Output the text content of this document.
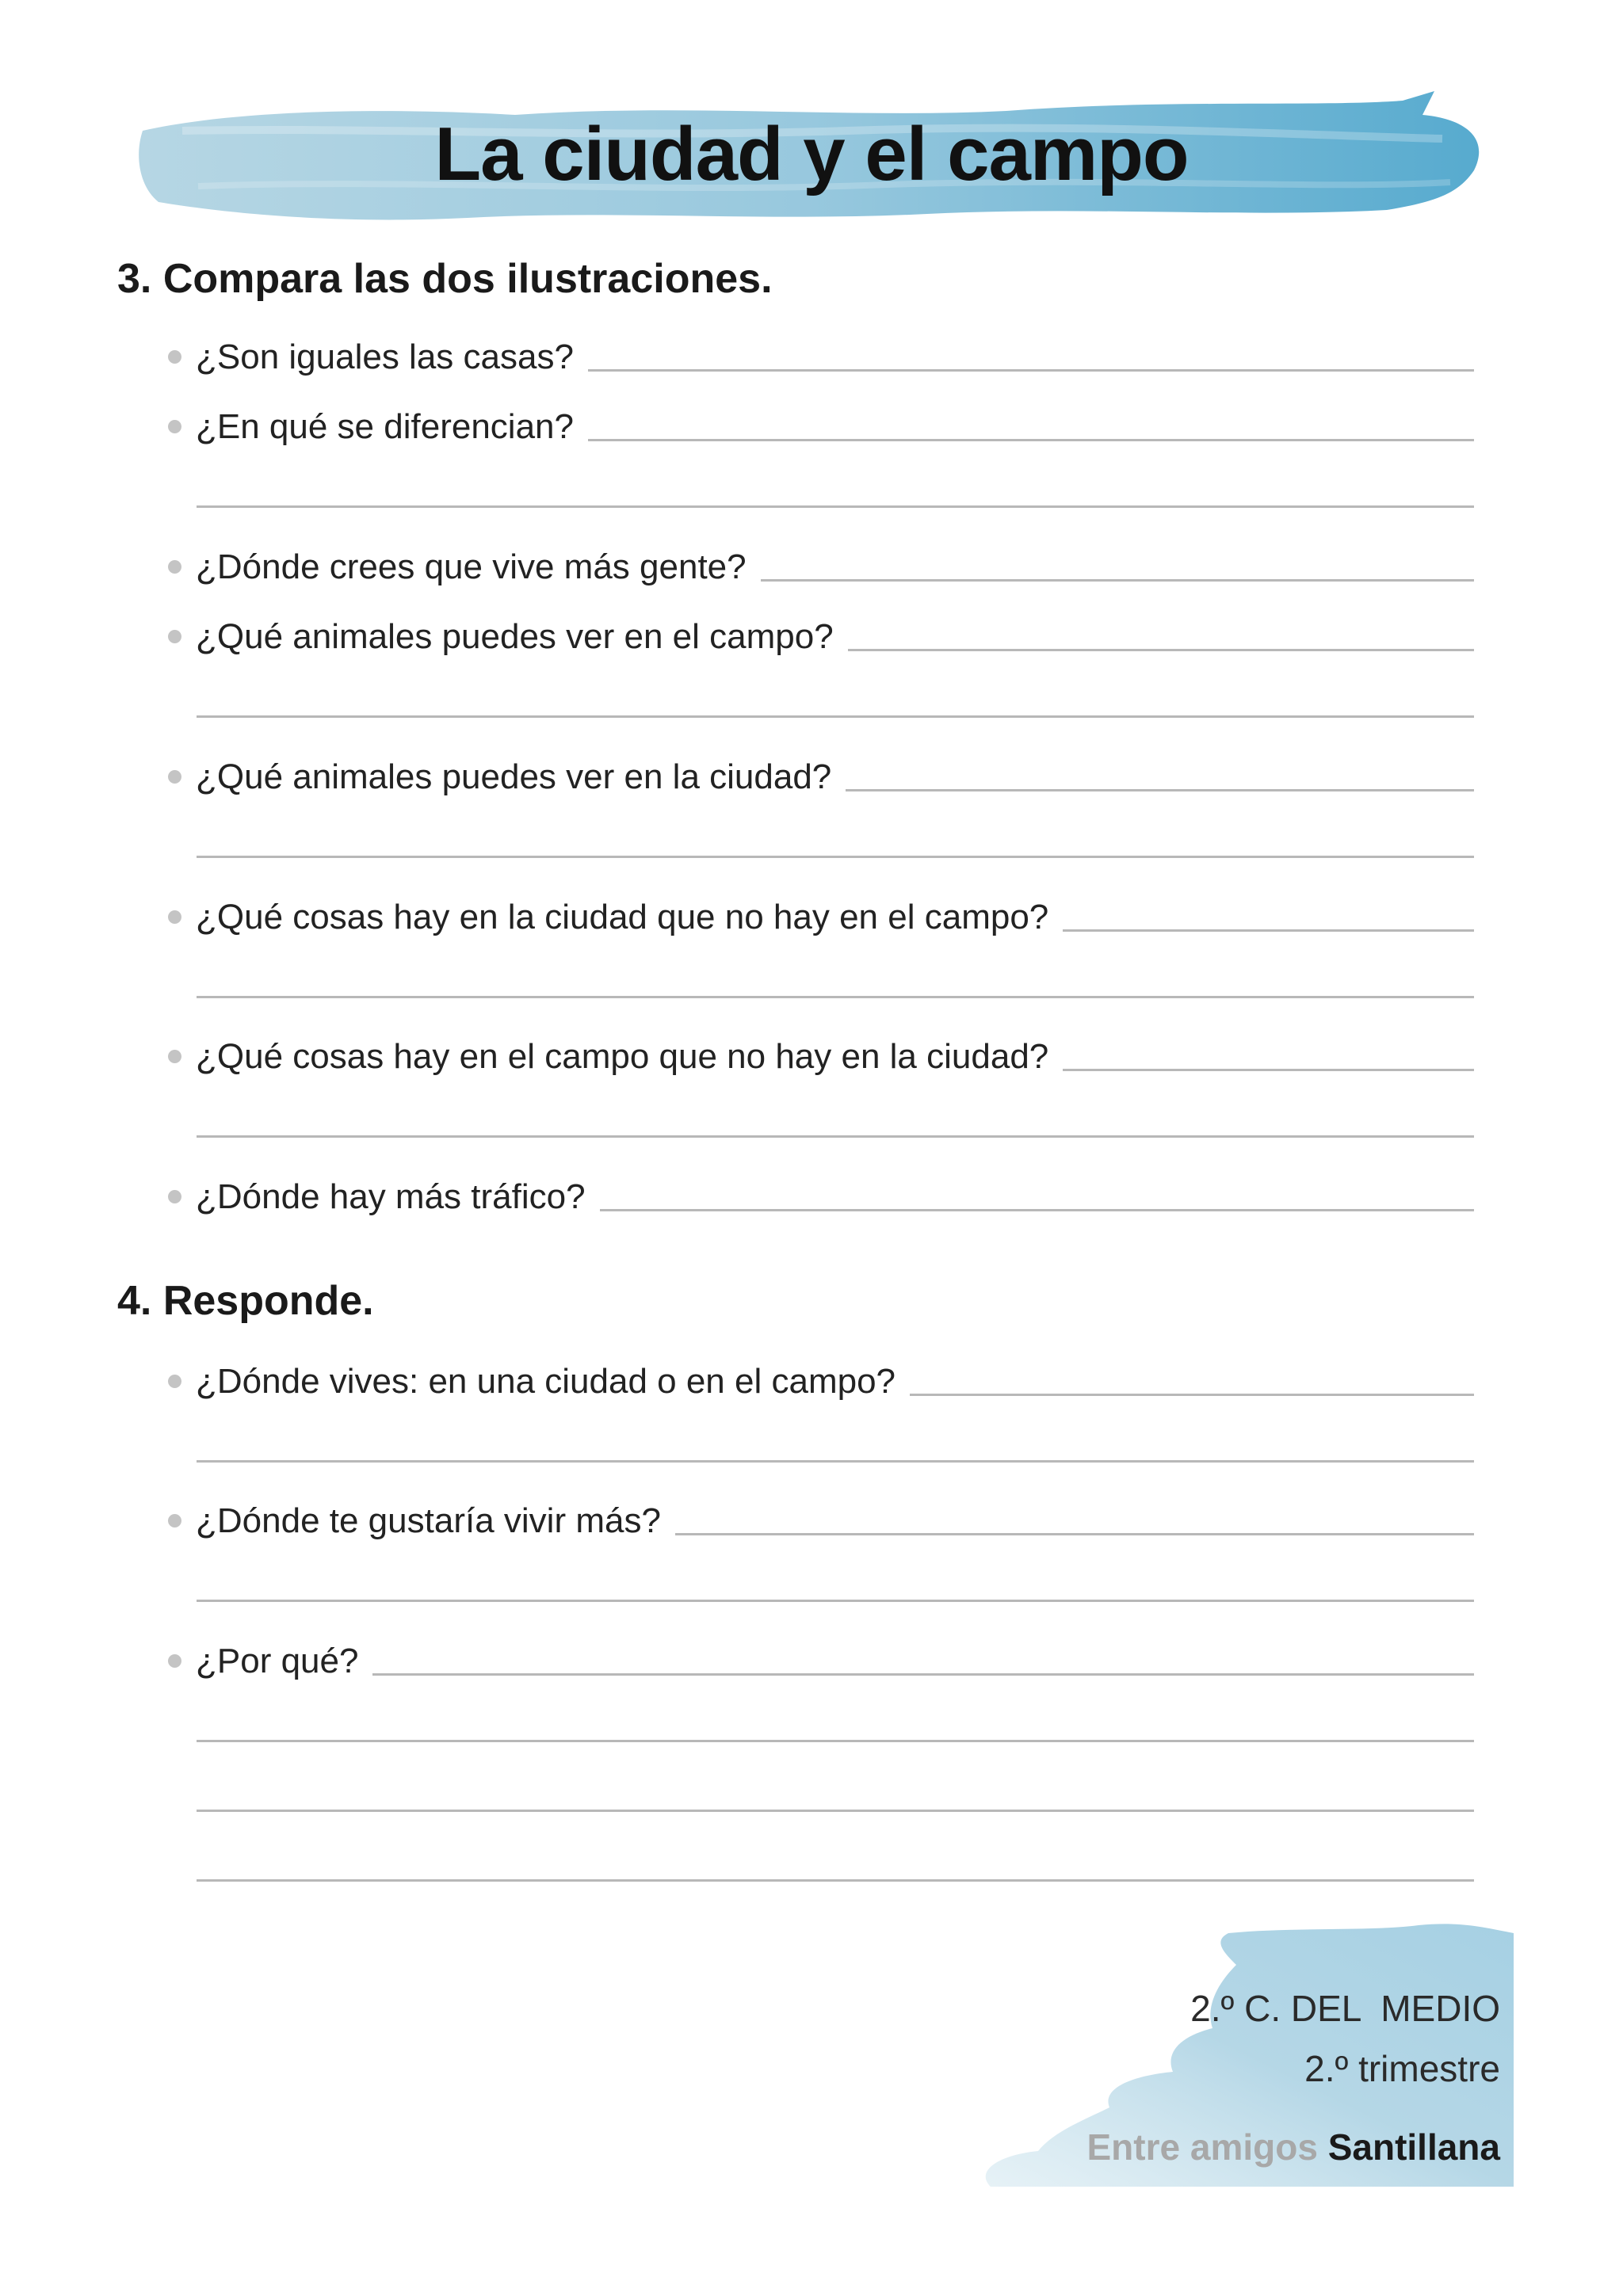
La ciudad y el campo
3. Compara las dos ilustraciones.
¿Son iguales las casas?
¿En qué se diferencian?
¿Dónde crees que vive más gente?
¿Qué animales puedes ver en el campo?
¿Qué animales puedes ver en la ciudad?
¿Qué cosas hay en la ciudad que no hay en el campo?
¿Qué cosas hay en el campo que no hay en la ciudad?
¿Dónde hay más tráfico?
4. Responde.
¿Dónde vives: en una ciudad o en el campo?
¿Dónde te gustaría vivir más?
¿Por qué?
2.º C. DEL  MEDIO
2.º trimestre
Entre amigos Santillana
